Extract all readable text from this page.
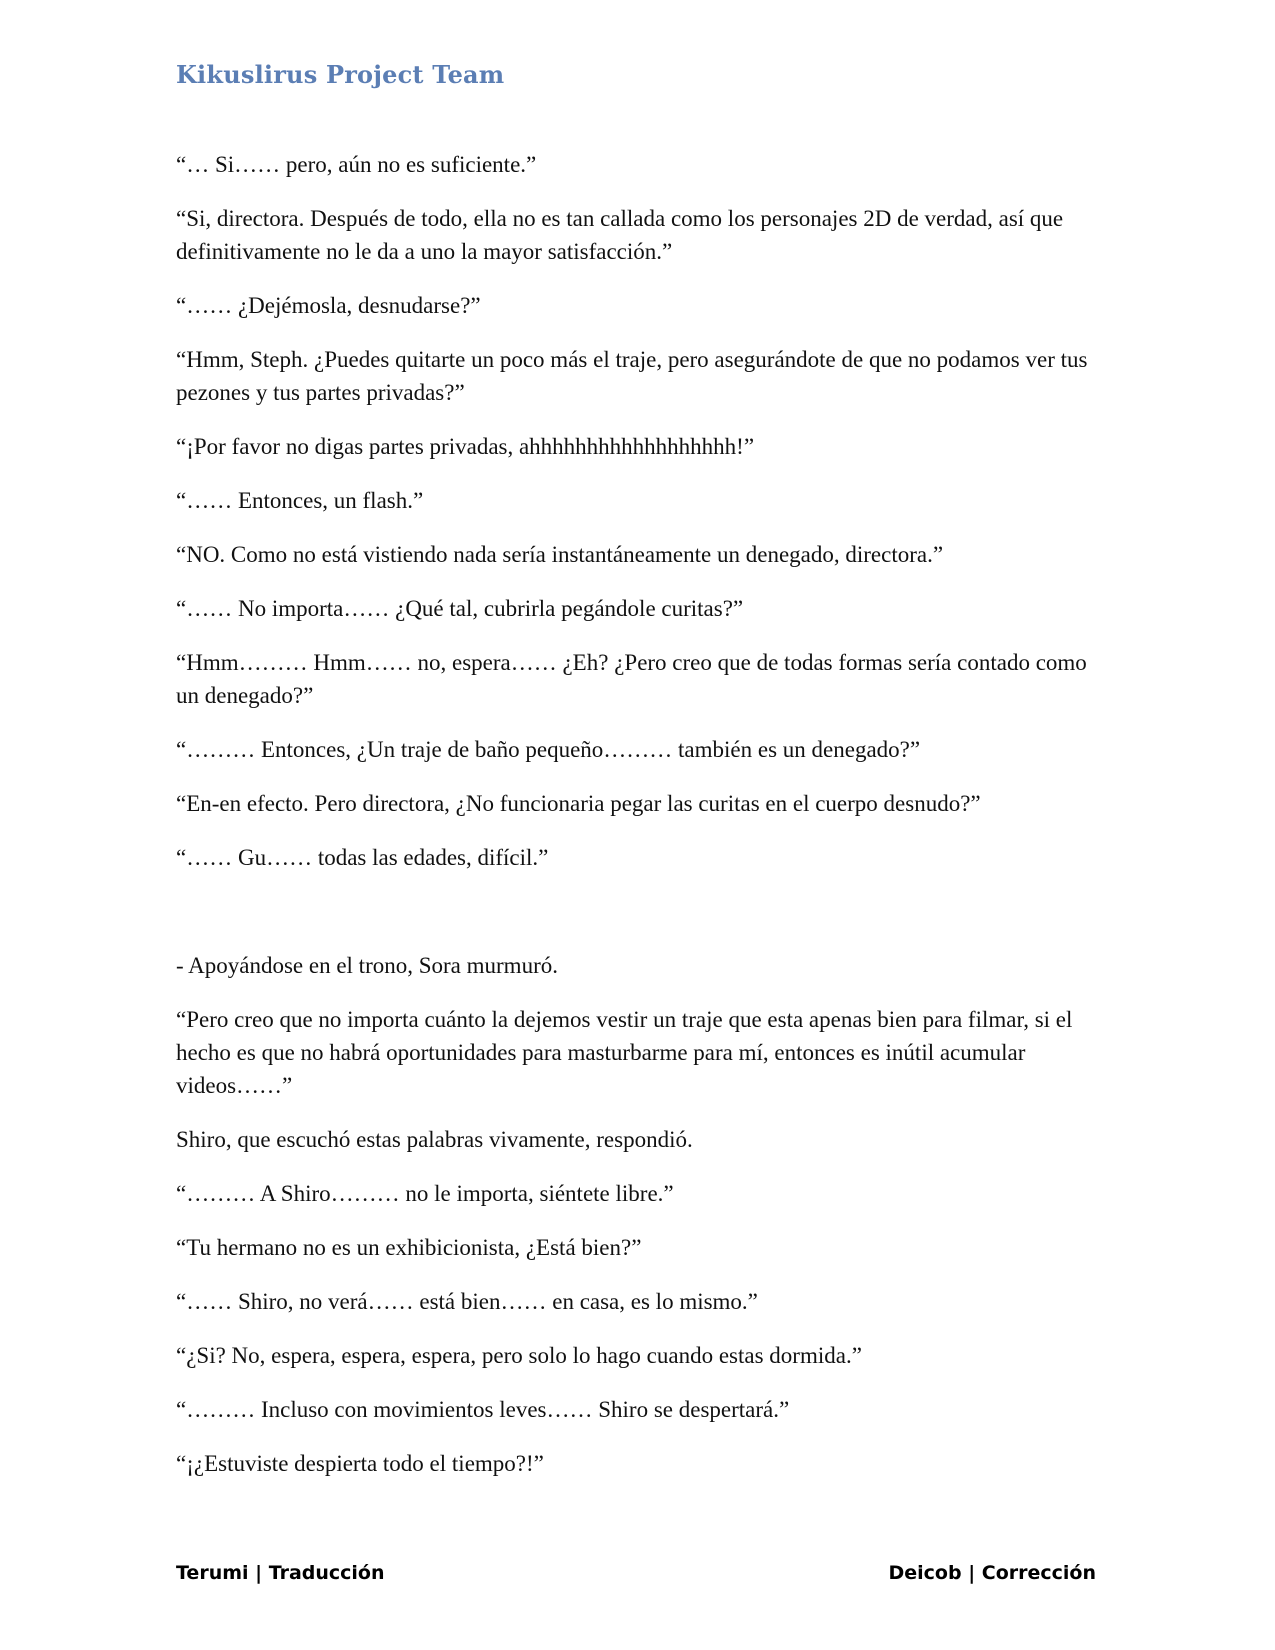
Kikuslirus Project Team

“… Si…… pero, aún no es suficiente.”

“Si, directora. Después de todo, ella no es tan callada como los personajes 2D de verdad, así que definitivamente no le da a uno la mayor satisfacción.”

“…… ¿Dejémosla, desnudarse?”

“Hmm, Steph. ¿Puedes quitarte un poco más el traje, pero asegurándote de que no podamos ver tus pezones y tus partes privadas?”

“¡Por favor no digas partes privadas, ahhhhhhhhhhhhhhhhhh!”

“…… Entonces, un flash.”

“NO. Como no está vistiendo nada sería instantáneamente un denegado, directora.”

“…… No importa…… ¿Qué tal, cubrirla pegándole curitas?”

“Hmm……… Hmm…… no, espera…… ¿Eh? ¿Pero creo que de todas formas sería contado como un denegado?”

“……… Entonces, ¿Un traje de baño pequeño……… también es un denegado?”

“En-en efecto. Pero directora, ¿No funcionaria pegar las curitas en el cuerpo desnudo?”

“…… Gu…… todas las edades, difícil.”

- Apoyándose en el trono, Sora murmuró.

“Pero creo que no importa cuánto la dejemos vestir un traje que esta apenas bien para filmar, si el hecho es que no habrá oportunidades para masturbarme para mí, entonces es inútil acumular videos……”

Shiro, que escuchó estas palabras vivamente, respondió.

“……… A Shiro……… no le importa, siéntete libre.”

“Tu hermano no es un exhibicionista, ¿Está bien?”

“…… Shiro, no verá…… está bien…… en casa, es lo mismo.”

“¿Si? No, espera, espera, espera, pero solo lo hago cuando estas dormida.”

“……… Incluso con movimientos leves…… Shiro se despertará.”

“¡¿Estuviste despierta todo el tiempo?!”

Terumi | Traducción	Deicob | Corrección
